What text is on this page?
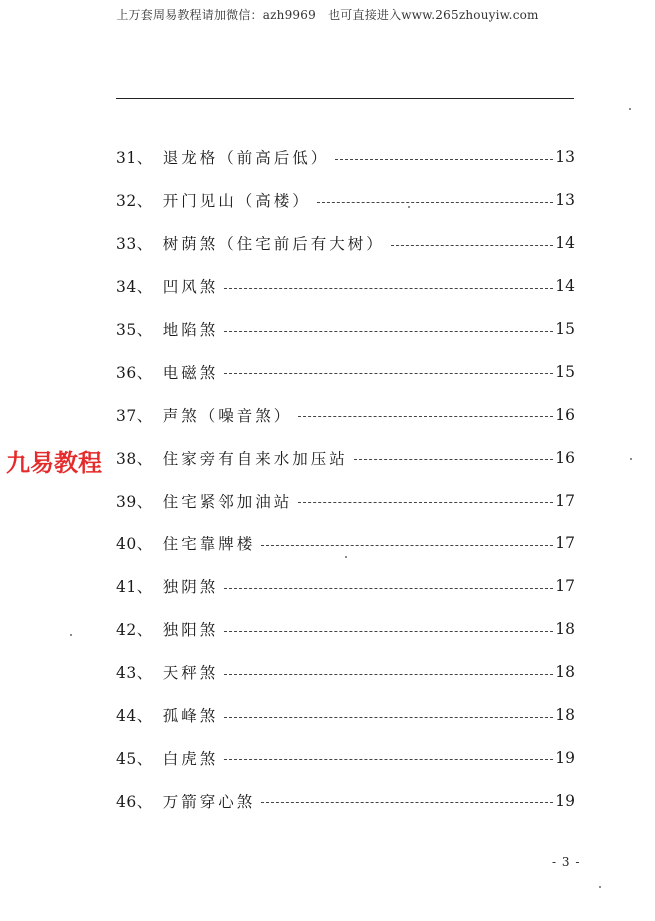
上万套周易教程请加微信：azh9969　也可直接进入www.265zhouyiw.com
31、 退龙格（前高后低）	13
32、 开门见山（高楼）	13
33、 树荫煞（住宅前后有大树）	14
34、 凹风煞	14
35、 地陷煞	15
36、 电磁煞	15
37、 声煞（噪音煞）	16
38、 住家旁有自来水加压站	16
39、 住宅紧邻加油站	17
40、 住宅靠牌楼	17
41、 独阴煞	17
42、 独阳煞	18
43、 天秤煞	18
44、 孤峰煞	18
45、 白虎煞	19
46、 万箭穿心煞	19
九易教程
- 3 -
